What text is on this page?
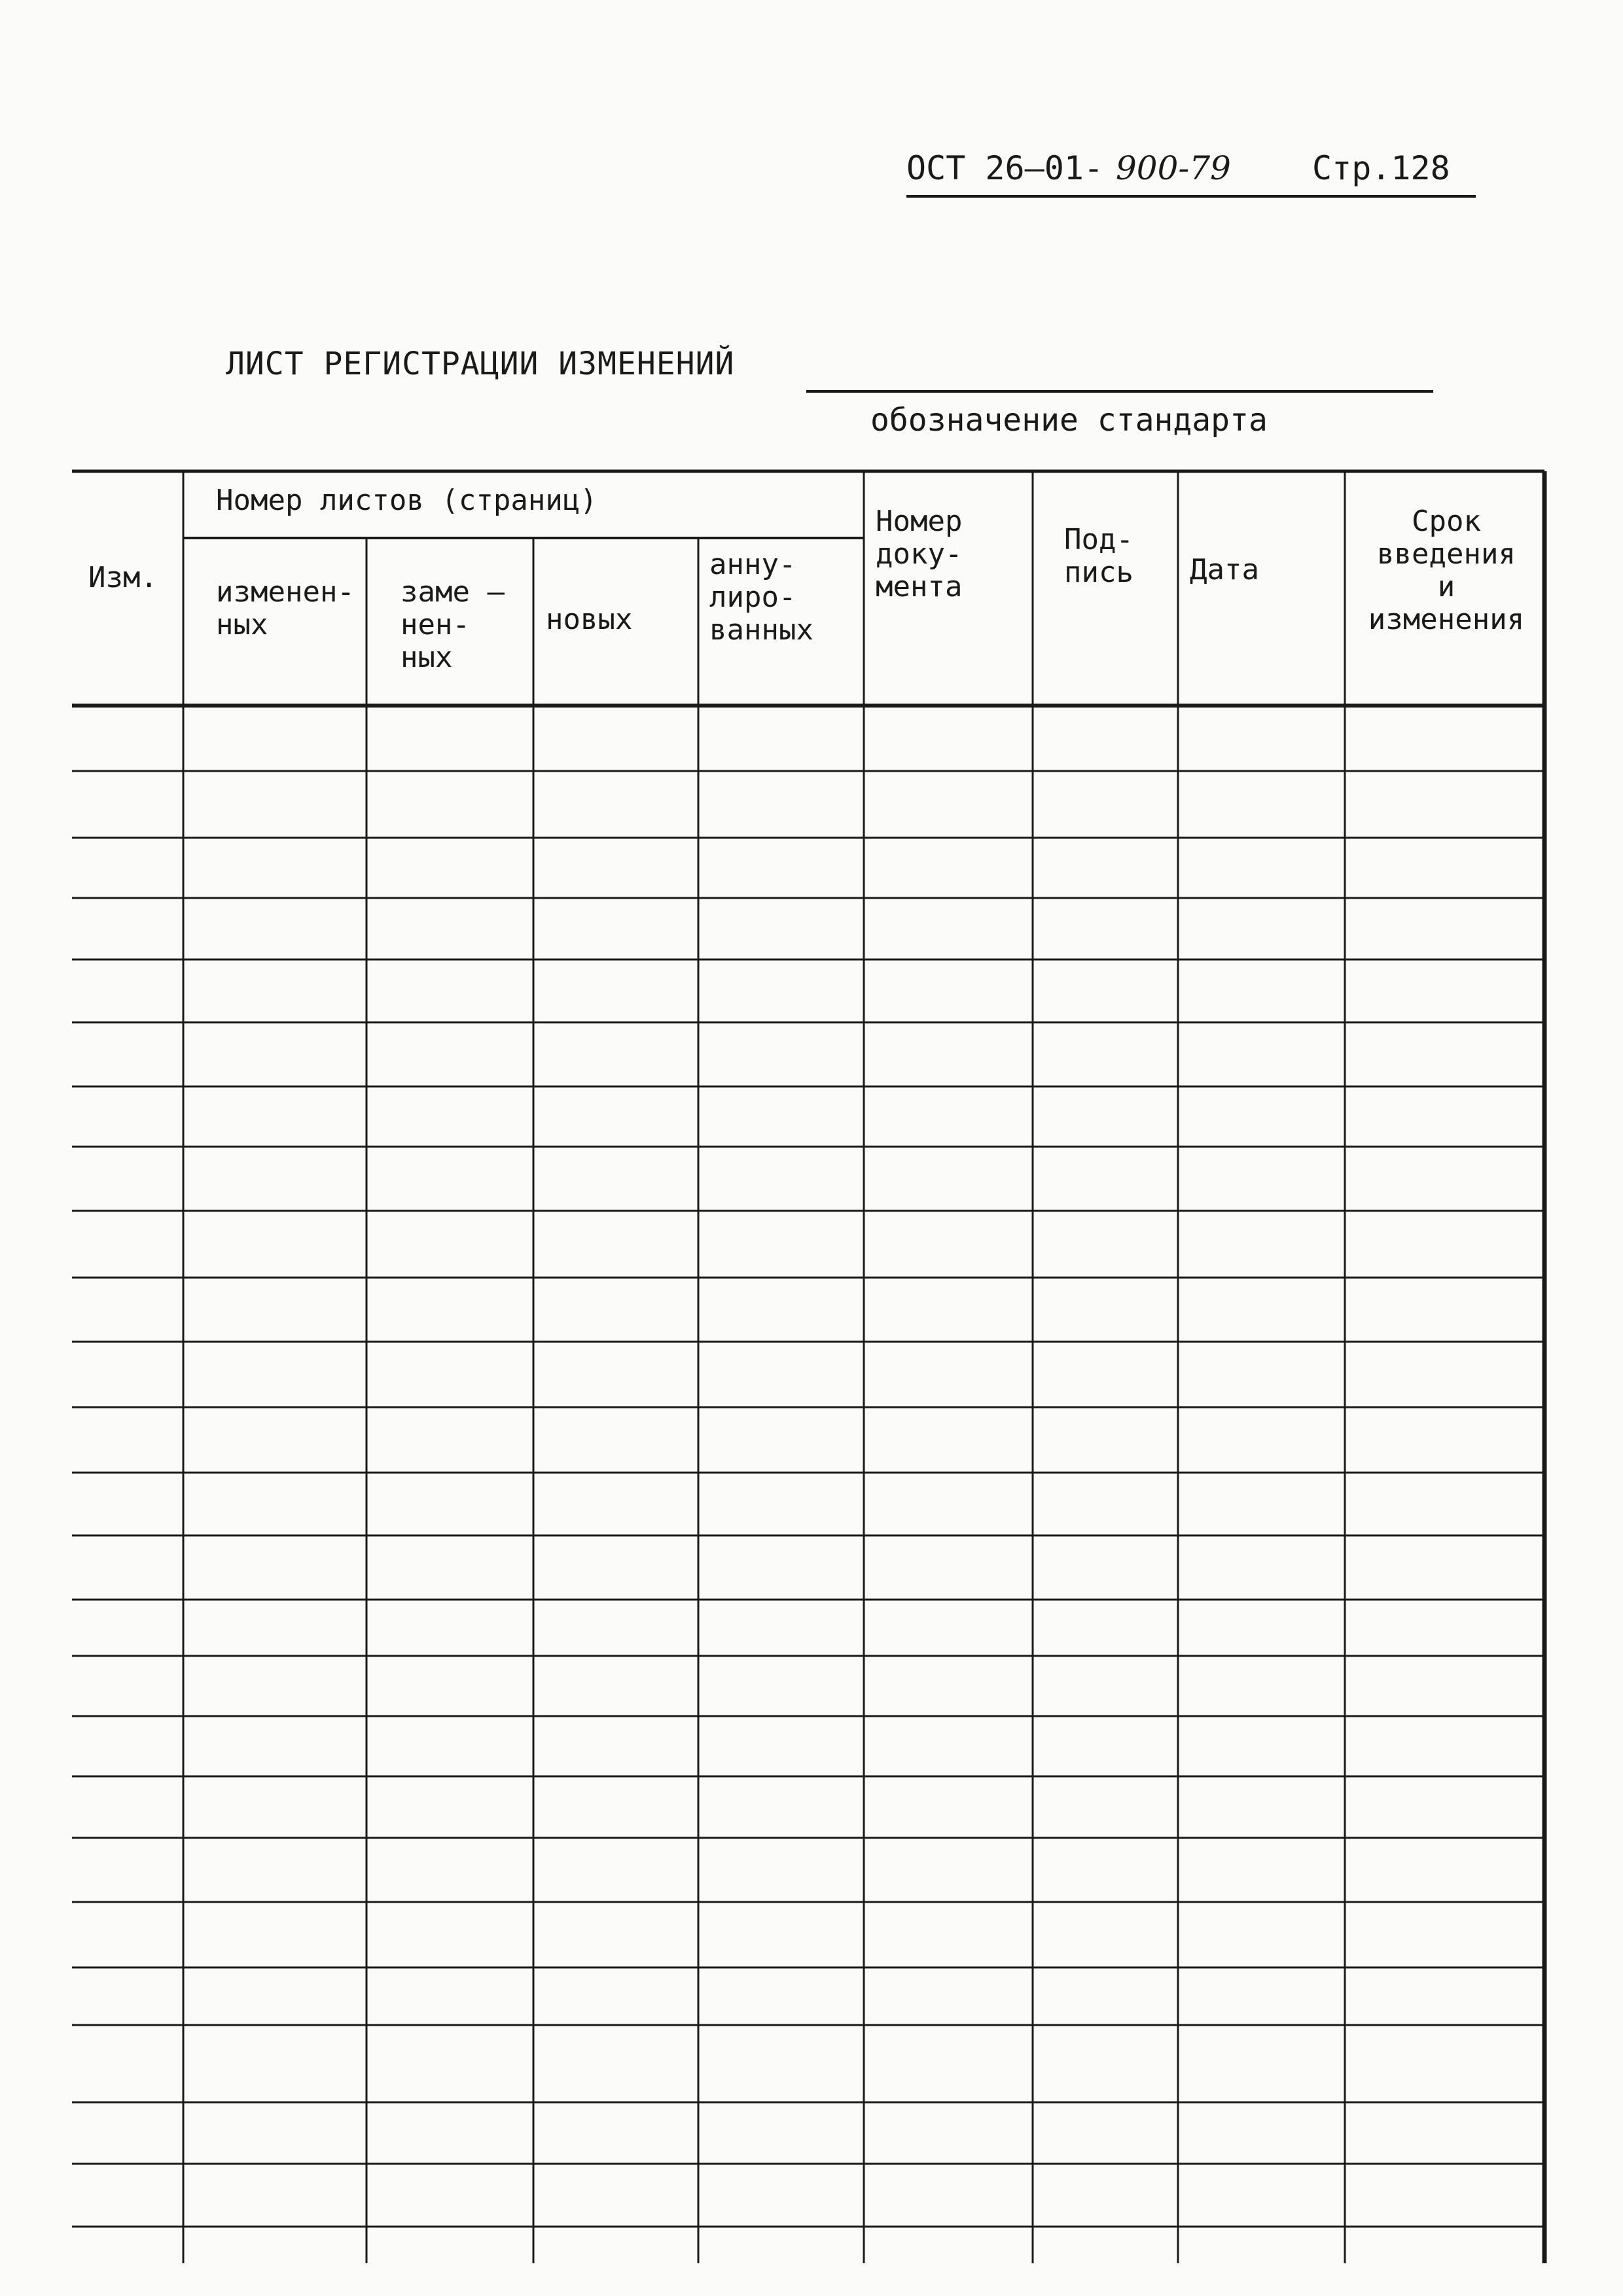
ОСТ 26—01- 900-79 Стр.128
ЛИСТ РЕГИСТРАЦИИ ИЗМЕНЕНИЙ
обозначение стандарта
Изм.
Номер листов (страниц)
изменен-
ных
заме —
нен-
ных
новых
анну-
лиро-
ванных
Номер
доку-
мента
Под-
пись Дата
Срок
введения
и
изменения
